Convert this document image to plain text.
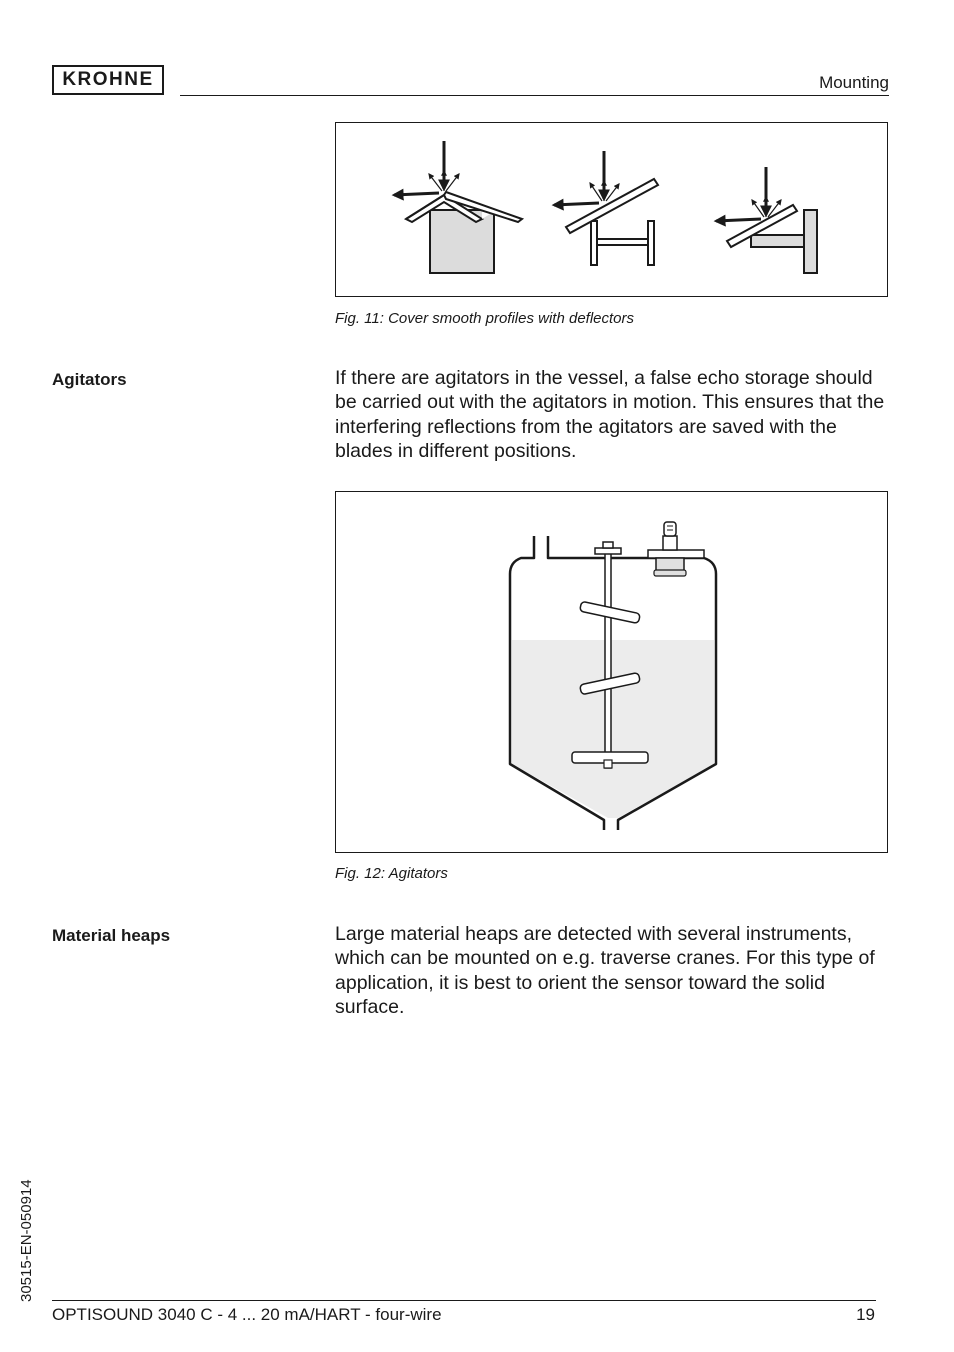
KROHNE	Mounting
Fig. 11: Cover smooth profiles with deflectors
Agitators	If there are agitators in the vessel, a false echo storage should be carried out with the agitators in motion. This ensures that the interfering reflections from the agitators are saved with the blades in different positions.
Fig. 12: Agitators
Material heaps	Large material heaps are detected with several instruments, which can be mounted on e.g. traverse cranes. For this type of application, it is best to orient the sensor toward the solid surface.
30515-EN-050914
OPTISOUND 3040 C - 4 ... 20 mA/HART - four-wire	19
